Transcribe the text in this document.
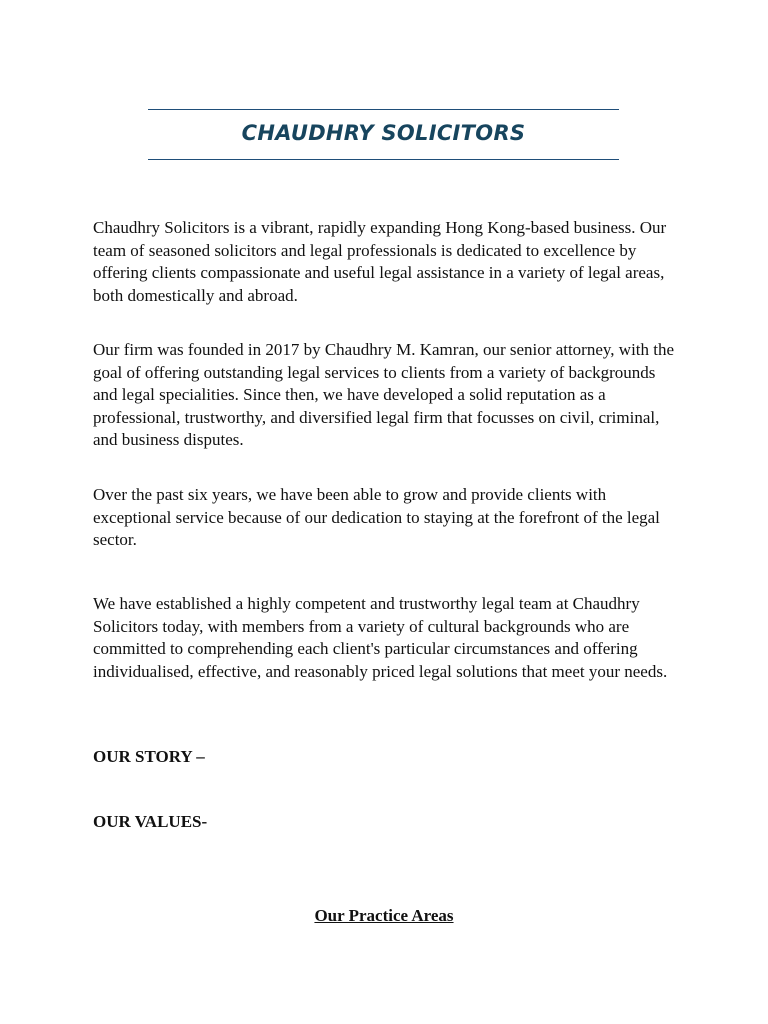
CHAUDHRY SOLICITORS

Chaudhry Solicitors is a vibrant, rapidly expanding Hong Kong-based business. Our team of seasoned solicitors and legal professionals is dedicated to excellence by offering clients compassionate and useful legal assistance in a variety of legal areas, both domestically and abroad.

Our firm was founded in 2017 by Chaudhry M. Kamran, our senior attorney, with the goal of offering outstanding legal services to clients from a variety of backgrounds and legal specialities. Since then, we have developed a solid reputation as a professional, trustworthy, and diversified legal firm that focusses on civil, criminal, and business disputes.

Over the past six years, we have been able to grow and provide clients with exceptional service because of our dedication to staying at the forefront of the legal sector.

We have established a highly competent and trustworthy legal team at Chaudhry Solicitors today, with members from a variety of cultural backgrounds who are committed to comprehending each client's particular circumstances and offering individualised, effective, and reasonably priced legal solutions that meet your needs.

OUR STORY –
OUR VALUES-
Our Practice Areas
